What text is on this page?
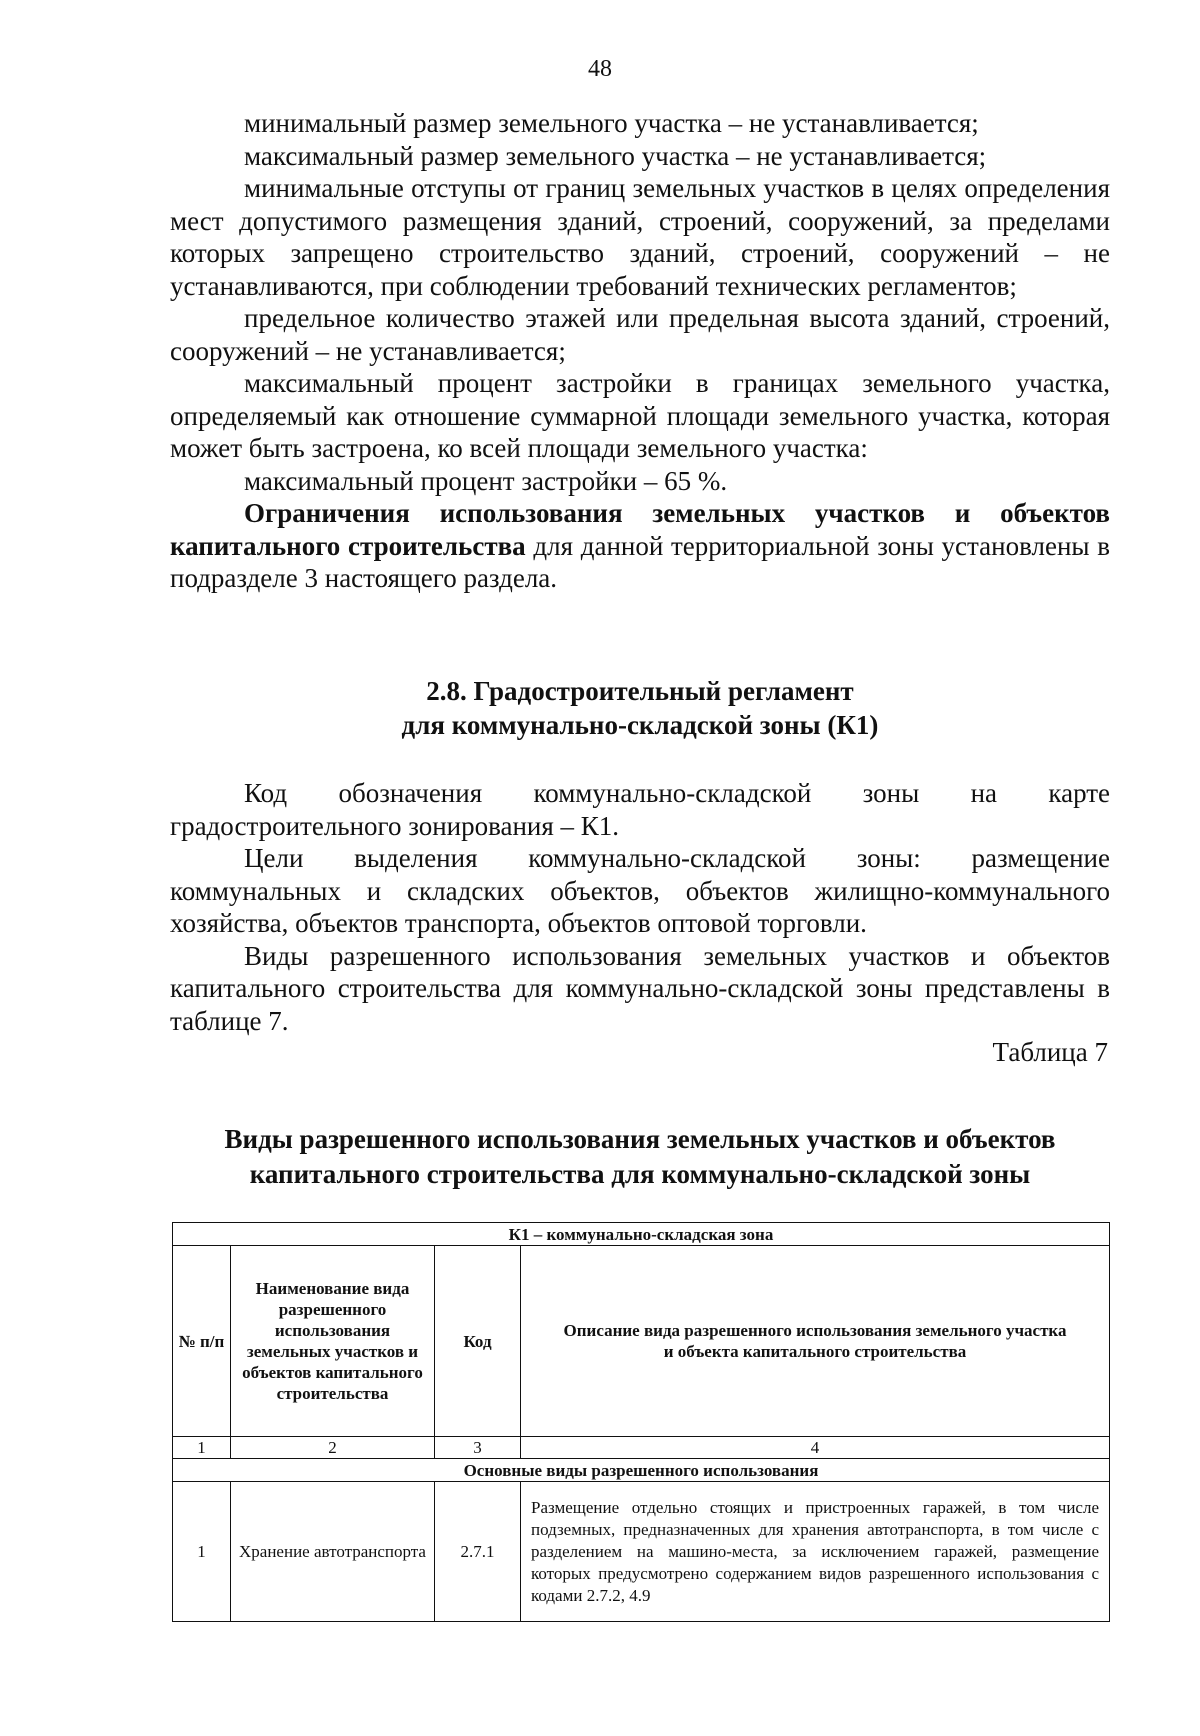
48

минимальный размер земельного участка – не устанавливается;

максимальный размер земельного участка – не устанавливается;

минимальные отступы от границ земельных участков в целях определения мест допустимого размещения зданий, строений, сооружений, за пределами которых запрещено строительство зданий, строений, сооружений – не устанавливаются, при соблюдении требований технических регламентов;

предельное количество этажей или предельная высота зданий, строений, сооружений – не устанавливается;

максимальный процент застройки в границах земельного участка, определяемый как отношение суммарной площади земельного участка, которая может быть застроена, ко всей площади земельного участка:

максимальный процент застройки – 65 %.

Ограничения использования земельных участков и объектов капитального строительства для данной территориальной зоны установлены в подразделе 3 настоящего раздела.

2.8. Градостроительный регламент
для коммунально-складской зоны (К1)

Код обозначения коммунально-складской зоны на карте градостроительного зонирования – К1.

Цели выделения коммунально-складской зоны: размещение коммунальных и складских объектов, объектов жилищно-коммунального хозяйства, объектов транспорта, объектов оптовой торговли.

Виды разрешенного использования земельных участков и объектов капитального строительства для коммунально-складской зоны представлены в таблице 7.

Таблица 7
Виды разрешенного использования земельных участков и объектов
капитального строительства для коммунально-складской зоны
К1 – коммунально-складская зона			
№ п/п	Наименование вида разрешенного использования земельных участков и объектов капитального строительства	Код	Описание вида разрешенного использования земельного участка и объекта капитального строительства
1	2	3	4
Основные виды разрешенного использования			
1	Хранение автотранспорта	2.7.1	Размещение отдельно стоящих и пристроенных гаражей, в том числе подземных, предназначенных для хранения автотранспорта, в том числе с разделением на машино-места, за исключением гаражей, размещение которых предусмотрено содержанием видов разрешенного использования с кодами 2.7.2, 4.9
